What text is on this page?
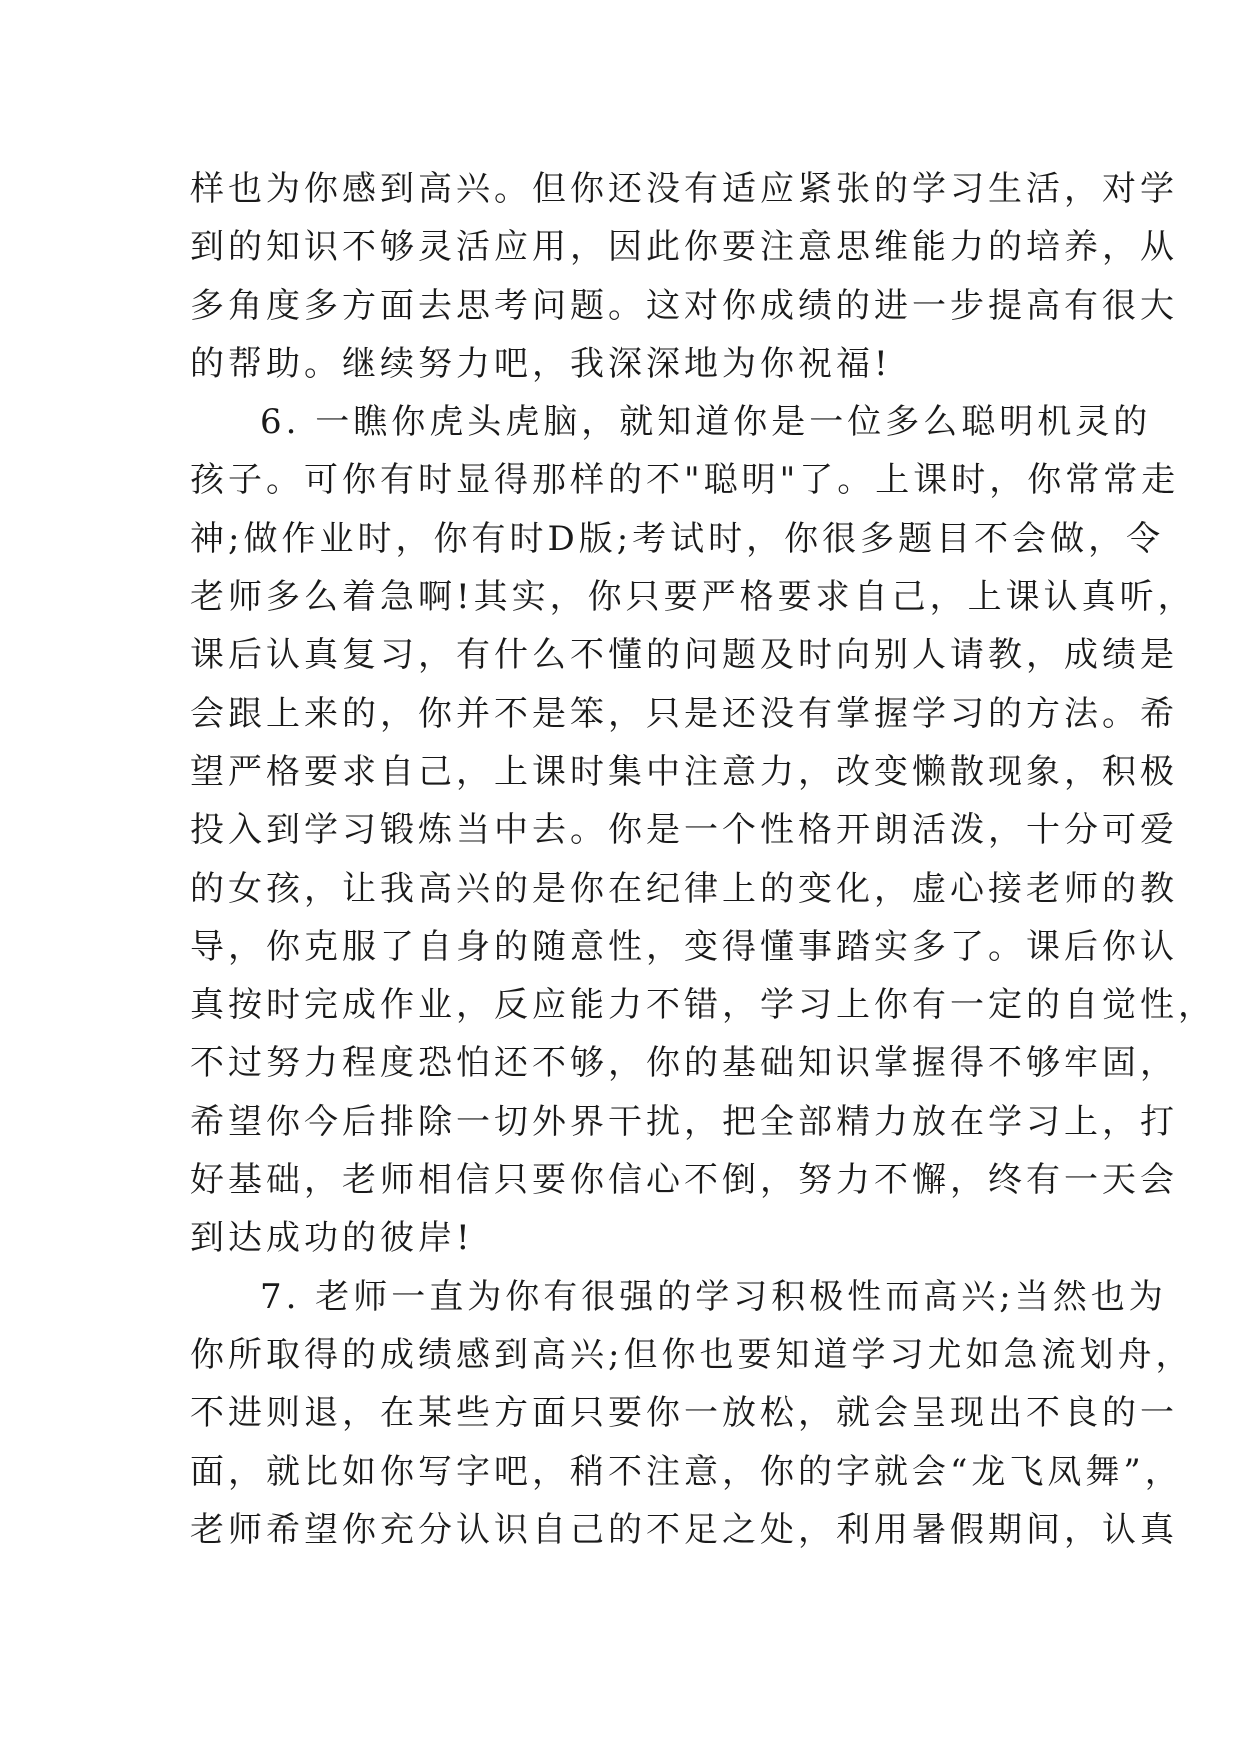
样也为你感到高兴。但你还没有适应紧张的学习生活，对学
到的知识不够灵活应用，因此你要注意思维能力的培养，从
多角度多方面去思考问题。这对你成绩的进一步提高有很大
的帮助。继续努力吧，我深深地为你祝福!
6. 一瞧你虎头虎脑，就知道你是一位多么聪明机灵的
孩子。可你有时显得那样的不"聪明"了。上课时，你常常走
神;做作业时，你有时D版;考试时，你很多题目不会做，令
老师多么着急啊!其实，你只要严格要求自己，上课认真听，
课后认真复习，有什么不懂的问题及时向别人请教，成绩是
会跟上来的，你并不是笨，只是还没有掌握学习的方法。希
望严格要求自己，上课时集中注意力，改变懒散现象，积极
投入到学习锻炼当中去。你是一个性格开朗活泼，十分可爱
的女孩，让我高兴的是你在纪律上的变化，虚心接老师的教
导，你克服了自身的随意性，变得懂事踏实多了。课后你认
真按时完成作业，反应能力不错，学习上你有一定的自觉性，
不过努力程度恐怕还不够，你的基础知识掌握得不够牢固，
希望你今后排除一切外界干扰，把全部精力放在学习上，打
好基础，老师相信只要你信心不倒，努力不懈，终有一天会
到达成功的彼岸!
7. 老师一直为你有很强的学习积极性而高兴;当然也为
你所取得的成绩感到高兴;但你也要知道学习尤如急流划舟，
不进则退，在某些方面只要你一放松，就会呈现出不良的一
面，就比如你写字吧，稍不注意，你的字就会“龙飞凤舞”，
老师希望你充分认识自己的不足之处，利用暑假期间，认真
